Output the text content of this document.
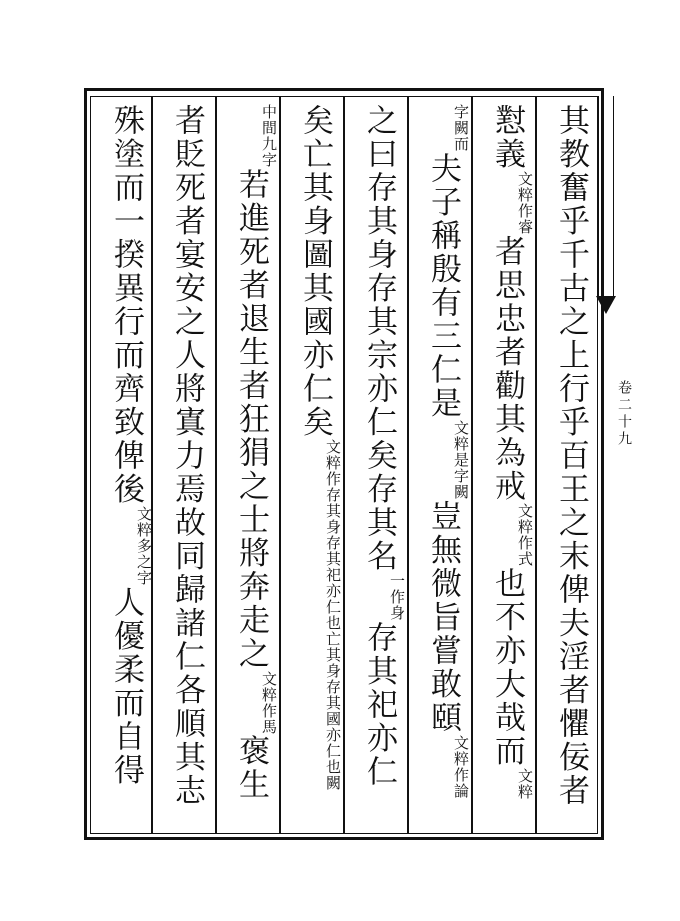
卷二十九
其教奮乎千古之上行乎百王之末俾夫淫者懼佞者
懟義文粹作睿者思忠者勸其為戒文粹作式也不亦大哉而文粹
字闕而夫子稱殷有三仁是文粹是字闕豈無微旨嘗敢頤文粹作論
之曰存其身存其宗亦仁矣存其名一作身存其祀亦仁
矣亡其身圖其國亦仁矣文粹作存其身存其祀亦仁也亡其身存其國亦仁也闕
中間九字若進死者退生者狂狷之士將奔走之文粹作馬褒生
者貶死者宴安之人將寘力焉故同歸諸仁各順其志
殊塗而一揆異行而齊致俾後文粹多之字人優柔而自得
